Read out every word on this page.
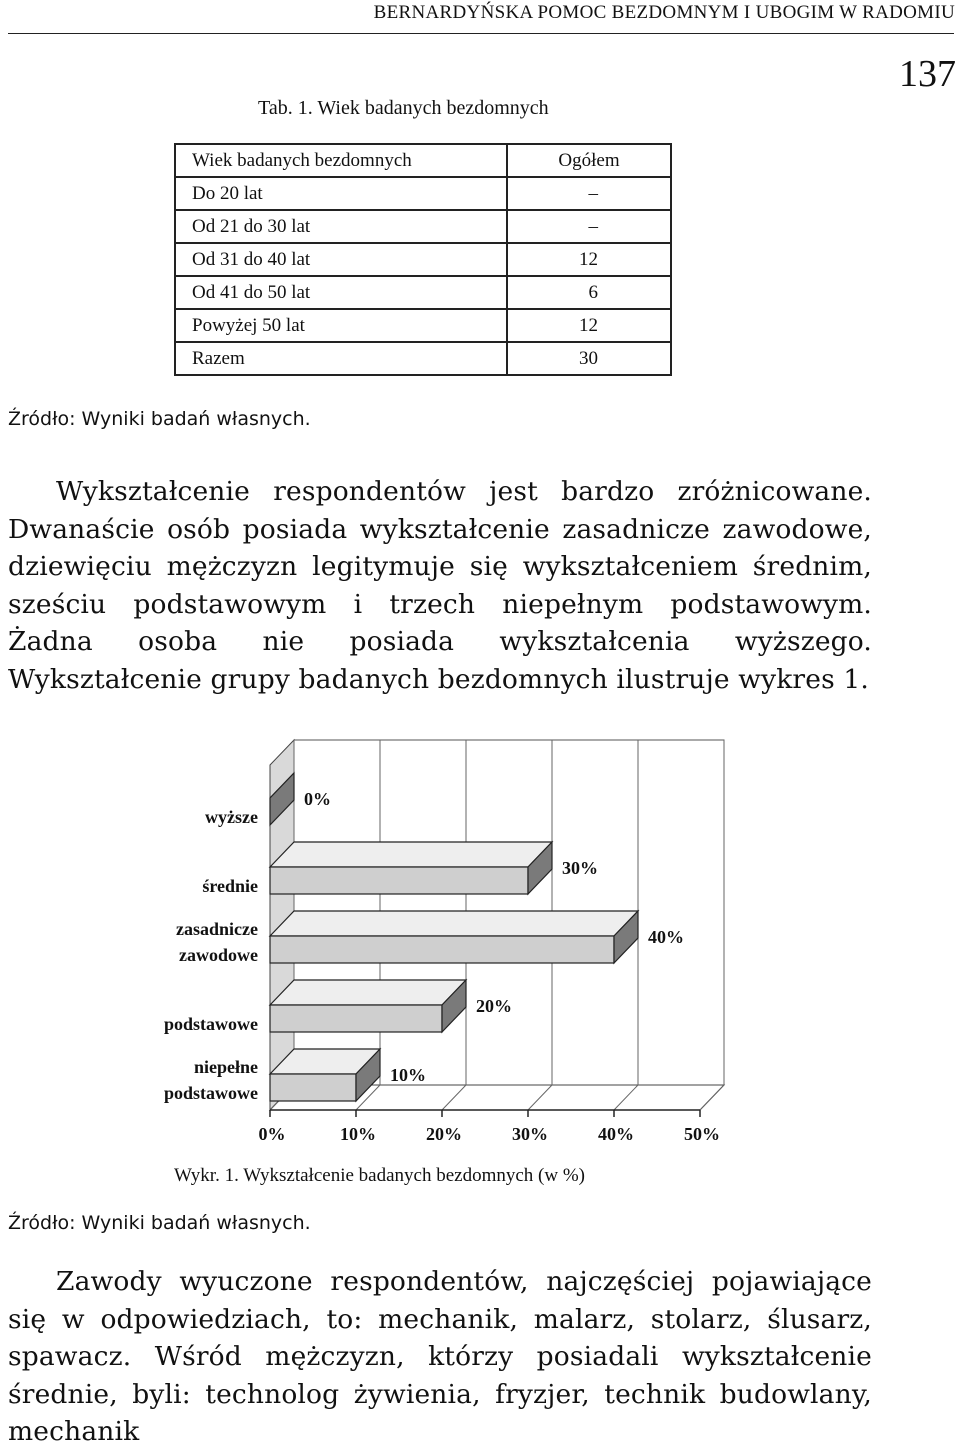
BERNARDYŃSKA POMOC BEZDOMNYM I UBOGIM W RADOMIU
137
Tab. 1. Wiek badanych bezdomnych
Wiek badanych bezdomnych	Ogółem
Do 20 lat	–
Od 21 do 30 lat	–
Od 31 do 40 lat	12
Od 41 do 50 lat	6
Powyżej 50 lat	12
Razem	30
Źródło: Wyniki badań własnych.
Wykształcenie respondentów jest bardzo zróżnicowane. Dwanaście osób posiada wykształcenie zasadnicze zawodowe, dziewięciu mężczyzn legitymuje się wykształceniem średnim, sześciu podstawowym i trzech niepełnym podstawowym. Żadna osoba nie posiada wykształcenia wyższego. Wykształcenie grupy badanych bezdomnych ilustruje wykres 1.
0%	10%	20%	30%	40%	50%
0%
wyższe
30%
średnie
40%
zasadnicze
zawodowe
20%
podstawowe
10%
niepełne
podstawowe
Wykr. 1. Wykształcenie badanych bezdomnych (w %)
Źródło: Wyniki badań własnych.
Zawody wyuczone respondentów, najczęściej pojawiające się w odpowiedziach, to: mechanik, malarz, stolarz, ślusarz, spawacz. Wśród mężczyzn, którzy posiadali wykształcenie średnie, byli: technolog żywienia, fryzjer, technik budowlany, mechanik
